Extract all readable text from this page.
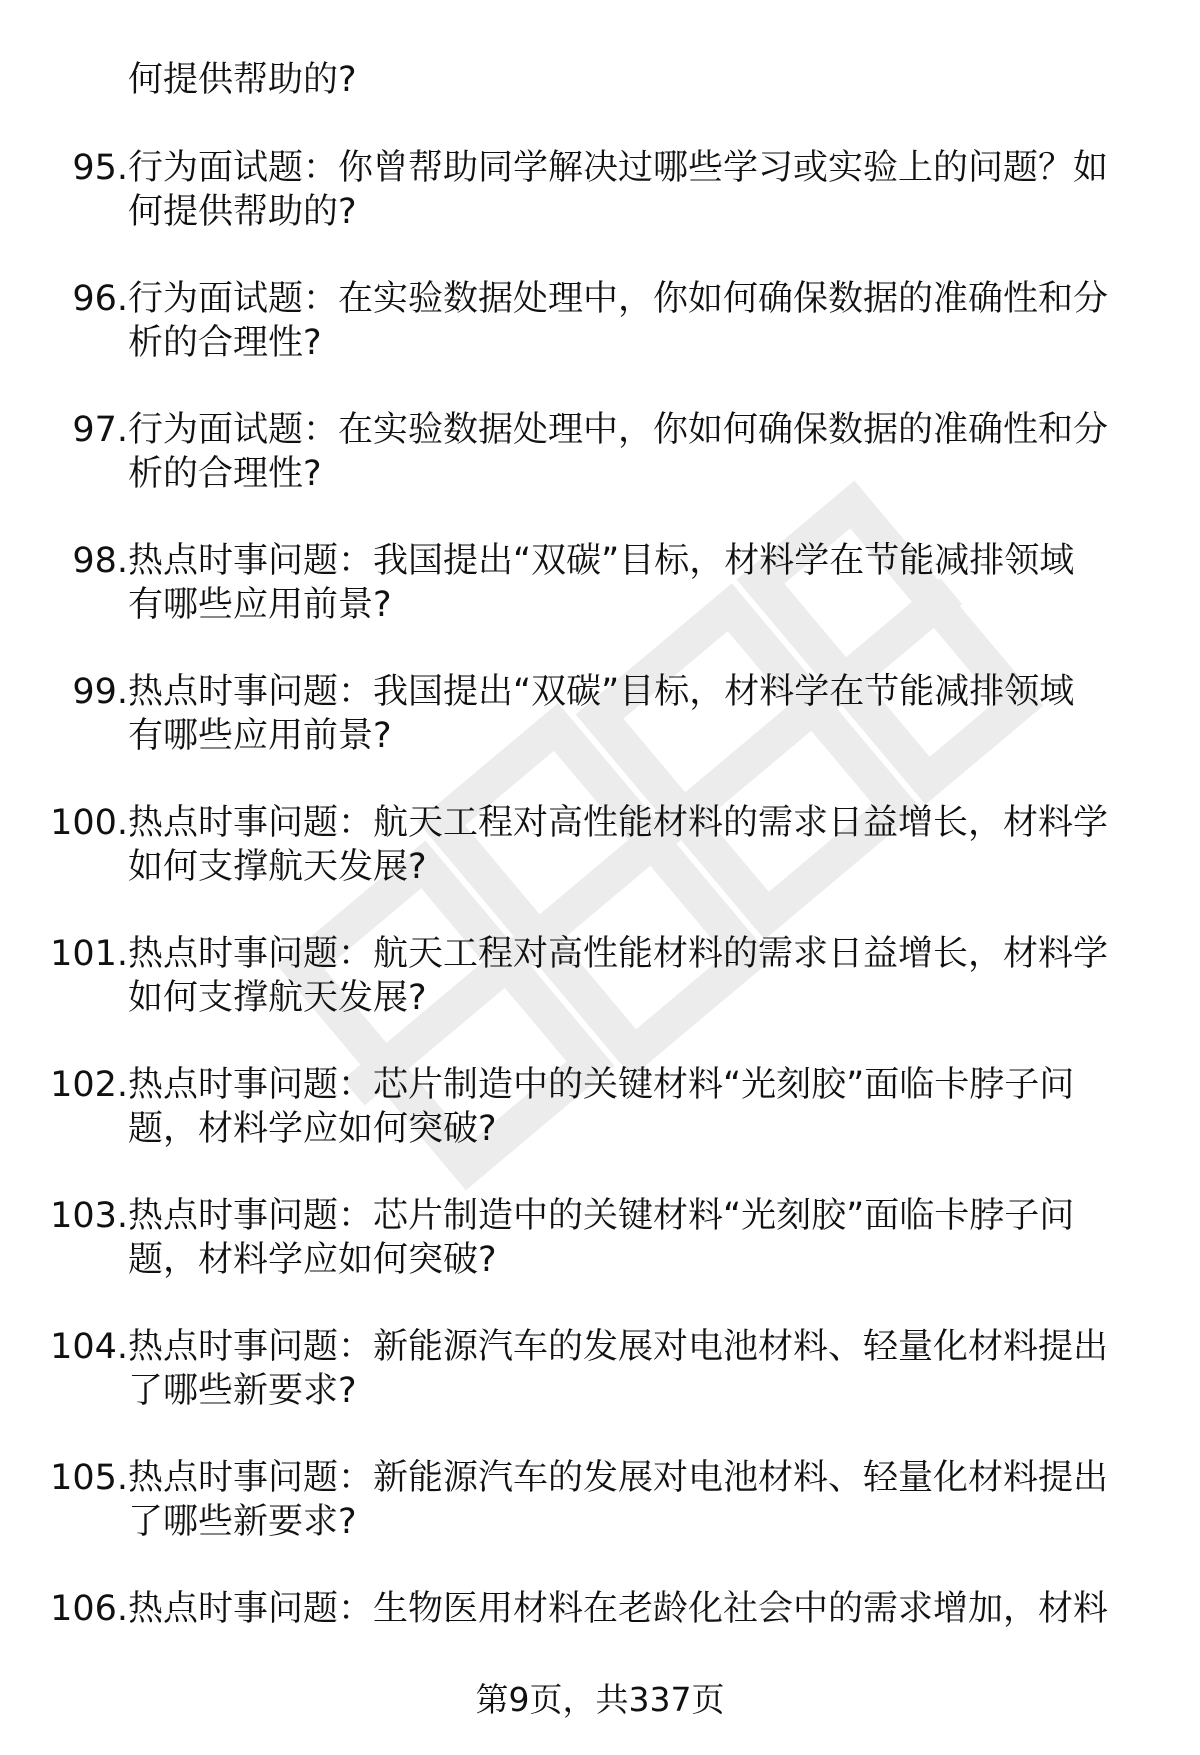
何提供帮助的?
95. 行为面试题：你曾帮助同学解决过哪些学习或实验上的问题？如
何提供帮助的?
96. 行为面试题：在实验数据处理中，你如何确保数据的准确性和分
析的合理性?
97. 行为面试题：在实验数据处理中，你如何确保数据的准确性和分
析的合理性?
98. 热点时事问题：我国提出“双碳”目标，材料学在节能减排领域
有哪些应用前景?
99. 热点时事问题：我国提出“双碳”目标，材料学在节能减排领域
有哪些应用前景?
100. 热点时事问题：航天工程对高性能材料的需求日益增长，材料学
如何支撑航天发展?
101. 热点时事问题：航天工程对高性能材料的需求日益增长，材料学
如何支撑航天发展?
102. 热点时事问题：芯片制造中的关键材料“光刻胶”面临卡脖子问
题，材料学应如何突破?
103. 热点时事问题：芯片制造中的关键材料“光刻胶”面临卡脖子问
题，材料学应如何突破?
104. 热点时事问题：新能源汽车的发展对电池材料、轻量化材料提出
了哪些新要求?
105. 热点时事问题：新能源汽车的发展对电池材料、轻量化材料提出
了哪些新要求?
106. 热点时事问题：生物医用材料在老龄化社会中的需求增加，材料
第9页，共337页
